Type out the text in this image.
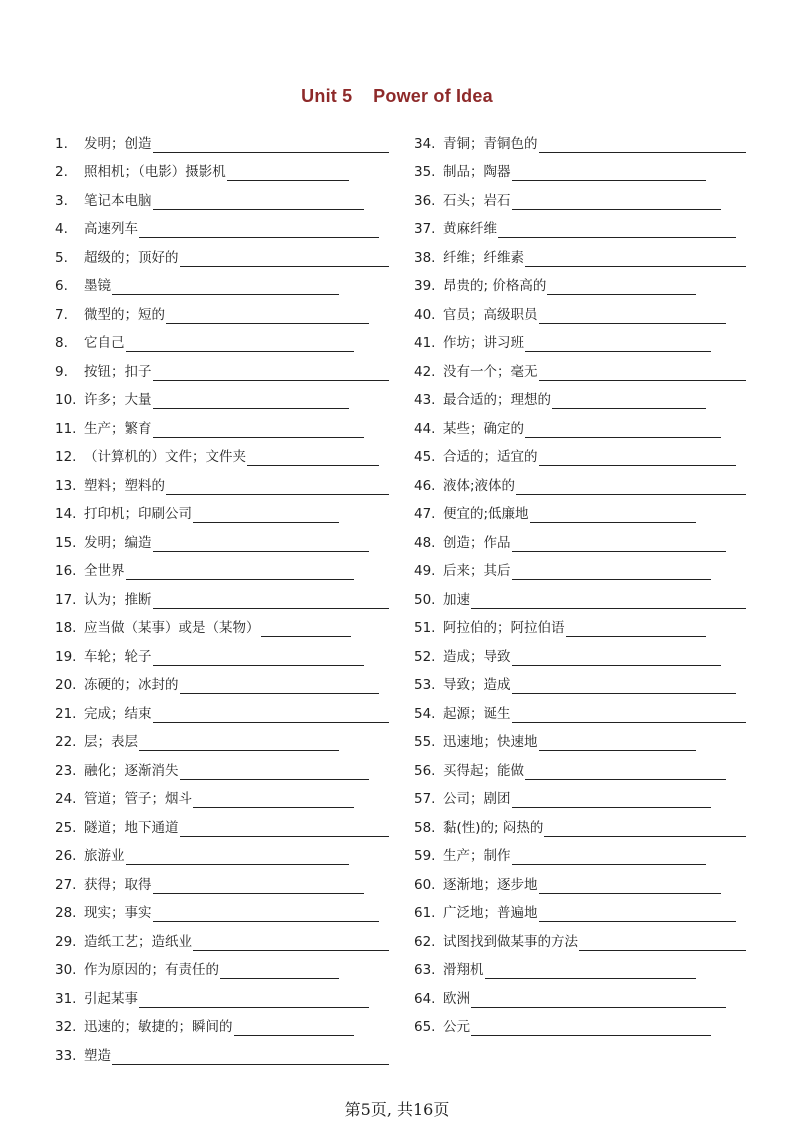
Unit 5    Power of Idea
1.	发明；创造
2.	照相机；（电影）摄影机
3.	笔记本电脑
4.	高速列车
5.	超级的；顶好的
6.	墨镜
7.	微型的；短的
8.	它自己
9.	按钮；扣子
10. 许多；大量
11. 生产；繁育
12. （计算机的）文件；文件夹
13. 塑料；塑料的
14. 打印机；印刷公司
15. 发明；编造
16. 全世界
17. 认为；推断
18. 应当做（某事）或是（某物）
19. 车轮；轮子
20. 冻硬的；冰封的
21. 完成；结束
22. 层；表层
23. 融化；逐渐消失
24. 管道；管子；烟斗
25. 隧道；地下通道
26. 旅游业
27. 获得；取得
28. 现实；事实
29. 造纸工艺；造纸业
30. 作为原因的；有责任的
31. 引起某事
32. 迅速的；敏捷的；瞬间的
33. 塑造
34. 青铜；青铜色的
35. 制品；陶器
36. 石头；岩石
37. 黄麻纤维
38. 纤维；纤维素
39. 昂贵的; 价格高的
40. 官员；高级职员
41. 作坊；讲习班
42. 没有一个；毫无
43. 最合适的；理想的
44. 某些；确定的
45. 合适的；适宜的
46. 液体;液体的
47. 便宜的;低廉地
48. 创造；作品
49. 后来；其后
50. 加速
51. 阿拉伯的；阿拉伯语
52. 造成；导致
53. 导致；造成
54. 起源；诞生
55. 迅速地；快速地
56. 买得起；能做
57. 公司；剧团
58. 黏(性)的; 闷热的
59. 生产；制作
60. 逐渐地；逐步地
61. 广泛地；普遍地
62. 试图找到做某事的方法
63. 滑翔机
64. 欧洲
65. 公元
第5页, 共16页
